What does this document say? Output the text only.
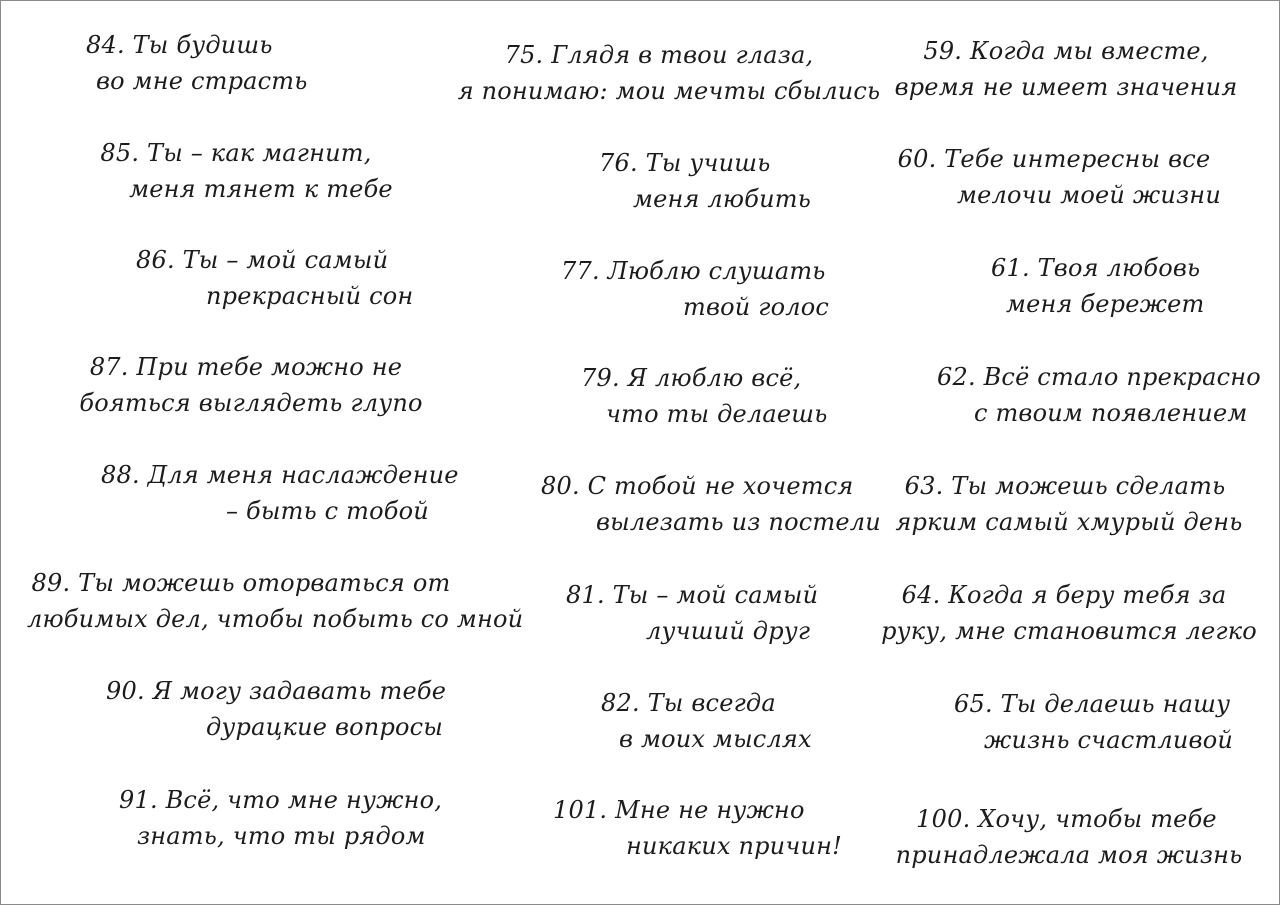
84. Ты будишь
во мне страсть
75. Глядя в твои глаза,
я понимаю: мои мечты сбылись
59. Когда мы вместе,
время не имеет значения
85. Ты – как магнит,
меня тянет к тебе
76. Ты учишь
меня любить
60. Тебе интересны все
мелочи моей жизни
86. Ты – мой самый
прекрасный сон
77. Люблю слушать
твой голос
61. Твоя любовь
меня бережет
87. При тебе можно не
бояться выглядеть глупо
79. Я люблю всё,
что ты делаешь
62. Всё стало прекрасно
с твоим появлением
88. Для меня наслаждение
– быть с тобой
80. С тобой не хочется
вылезать из постели
63. Ты можешь сделать
ярким самый хмурый день
89. Ты можешь оторваться от
любимых дел, чтобы побыть со мной
81. Ты – мой самый
лучший друг
64. Когда я беру тебя за
руку, мне становится легко
90. Я могу задавать тебе
дурацкие вопросы
82. Ты всегда
в моих мыслях
65. Ты делаешь нашу
жизнь счастливой
91. Всё, что мне нужно,
знать, что ты рядом
101. Мне не нужно
никаких причин!
100. Хочу, чтобы тебе
принадлежала моя жизнь
